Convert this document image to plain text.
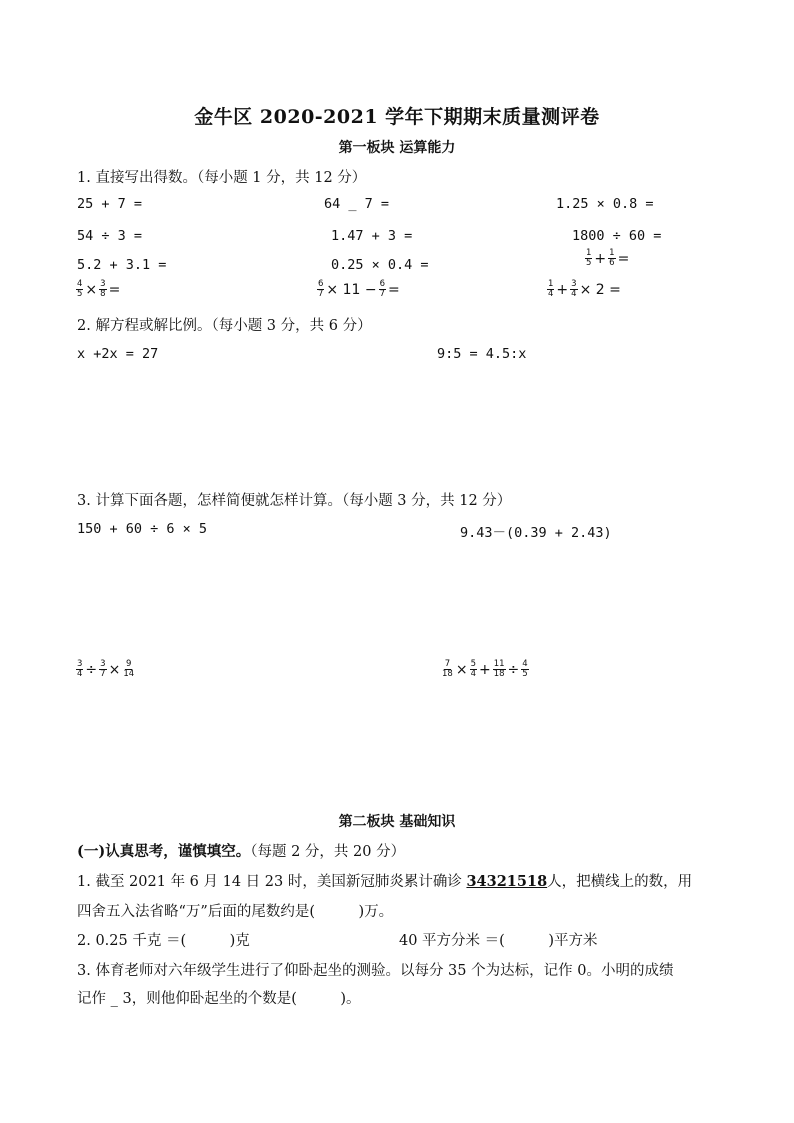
金牛区 2020-2021 学年下期期末质量测评卷
第一板块 运算能力
1. 直接写出得数。（每小题 1 分，共 12 分）
25 + 7 =	64 _ 7 =	1.25 × 0.8 =
54 ÷ 3 =	1.47 + 3 =	1800 ÷ 60 =
5.2 + 3.1 =	0.25 × 0.4 =	$\frac{1}{5} + \frac{1}{6}$ =
$\frac{4}{5} \times \frac{3}{8}$ =	$\frac{6}{7} \times 11 - \frac{6}{7}$ =	$\frac{1}{4} + \frac{3}{4} \times 2$ =
2. 解方程或解比例。（每小题 3 分，共 6 分）
x +2x = 27	9:5 = 4.5:x
3. 计算下面各题，怎样简便就怎样计算。（每小题 3 分，共 12 分）
150 + 60 ÷ 6 × 5	9.43－(0.39 + 2.43)
$\frac{3}{4} \div \frac{3}{7} \times \frac{9}{14}$	$\frac{7}{18} \times \frac{5}{4} + \frac{11}{18} \div \frac{4}{5}$
第二板块 基础知识
(一)认真思考，谨慎填空。（每题 2 分，共 20 分）
1. 截至 2021 年 6 月 14 日 23 时，美国新冠肺炎累计确诊 34321518人，把横线上的数，用
四舍五入法省略“万”后面的尾数约是(　　　)万。
2. 0.25 千克 ＝(　　　)克	40 平方分米 ＝(　　　)平方米
3. 体育老师对六年级学生进行了仰卧起坐的测验。以每分 35 个为达标，记作 0。小明的成绩
记作 _ 3，则他仰卧起坐的个数是(　　　)。
